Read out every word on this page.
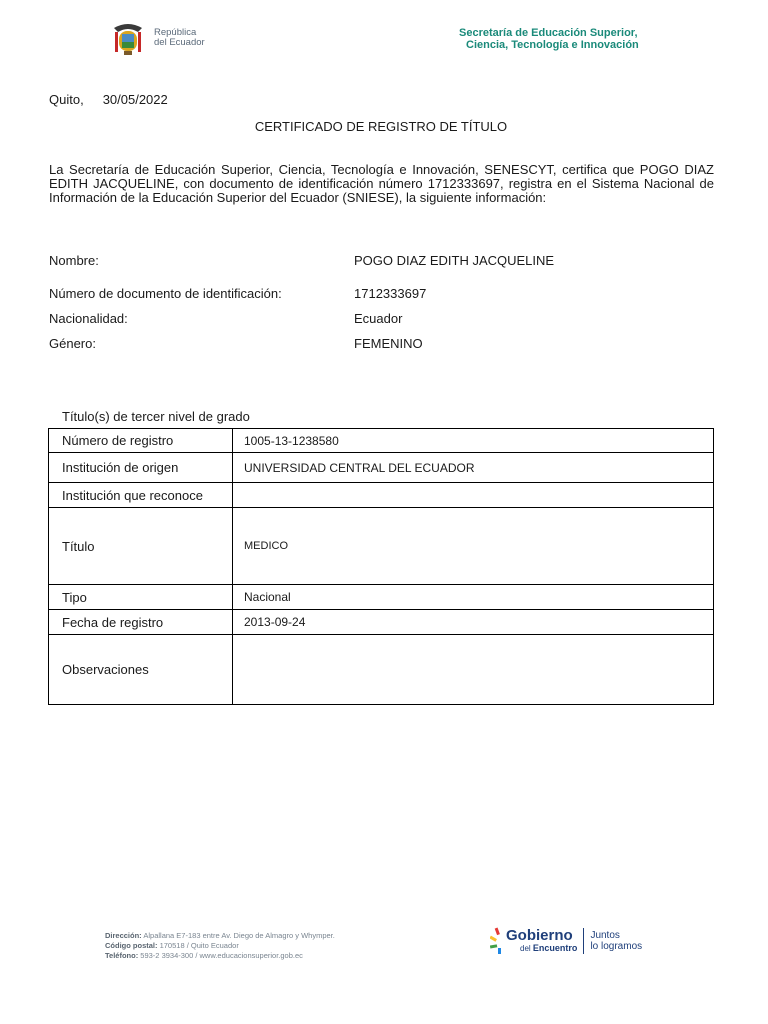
República
del Ecuador
Secretaría de Educación Superior,
Ciencia, Tecnología e Innovación
Quito, 30/05/2022
CERTIFICADO DE REGISTRO DE TÍTULO
La Secretaría de Educación Superior, Ciencia, Tecnología e Innovación, SENESCYT, certifica que POGO DIAZ EDITH JACQUELINE, con documento de identificación número 1712333697, registra en el Sistema Nacional de Información de la Educación Superior del Ecuador (SNIESE), la siguiente información:
Nombre:	POGO DIAZ EDITH JACQUELINE
Número de documento de identificación:	1712333697
Nacionalidad:	Ecuador
Género:	FEMENINO
Título(s) de tercer nivel de grado
Número de registro	1005-13-1238580
Institución de origen	UNIVERSIDAD CENTRAL DEL ECUADOR
Institución que reconoce	
Título	MEDICO
Tipo	Nacional
Fecha de registro	2013-09-24
Observaciones	
Dirección: Alpallana E7-183 entre Av. Diego de Almagro y Whymper.
Código postal: 170518 / Quito Ecuador
Teléfono: 593-2 3934-300 / www.educacionsuperior.gob.ec
Gobierno
del Encuentro
Juntos
lo logramos
